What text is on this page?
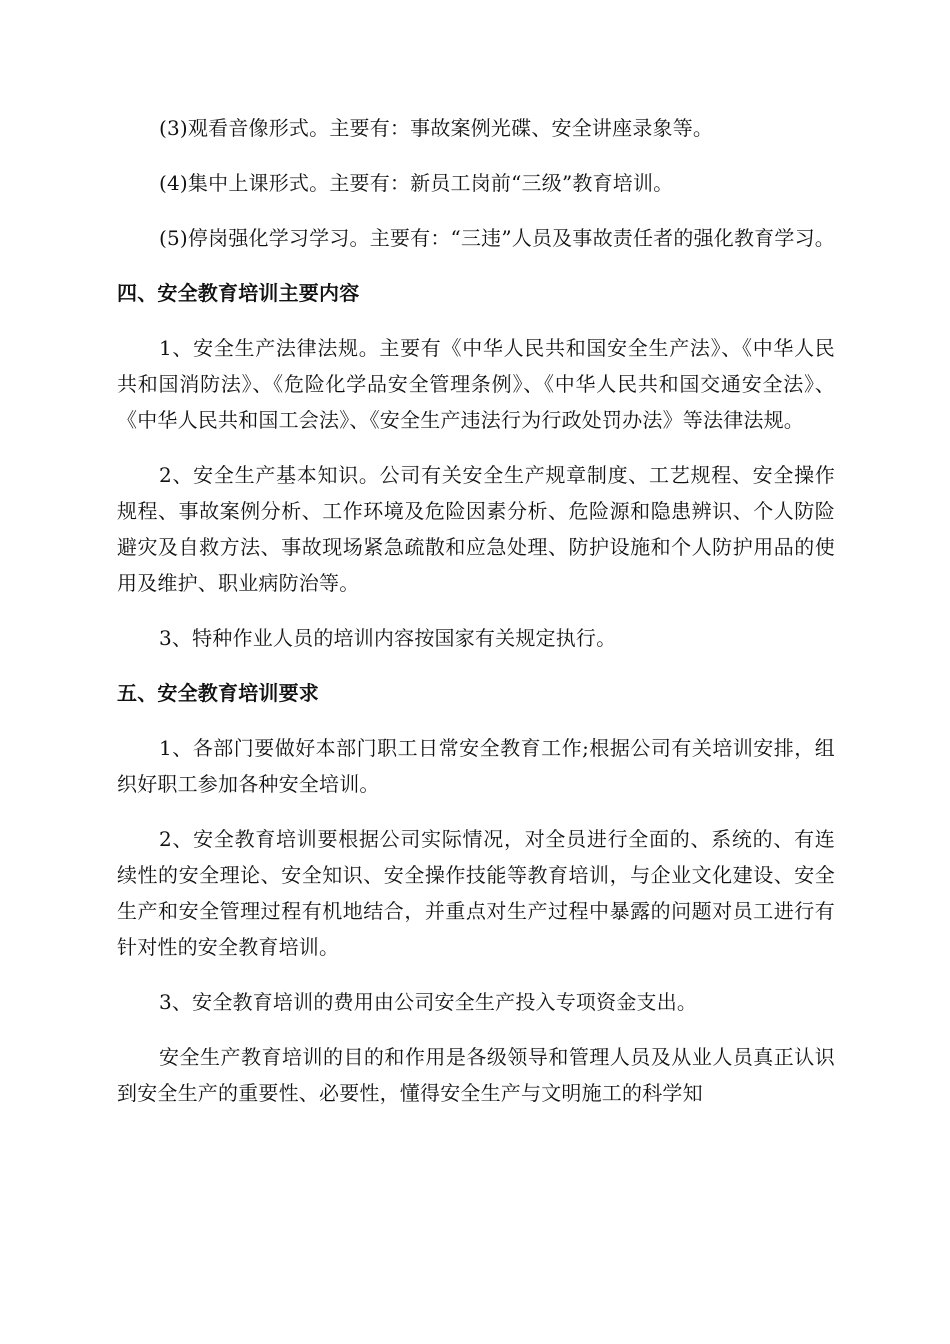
(3)观看音像形式。主要有：事故案例光碟、安全讲座录象等。

(4)集中上课形式。主要有：新员工岗前“三级”教育培训。

(5)停岗强化学习学习。主要有：“三违”人员及事故责任者的强化教育学习。

四、安全教育培训主要内容

1、安全生产法律法规。主要有《中华人民共和国安全生产法》、《中华人民共和国消防法》、《危险化学品安全管理条例》、《中华人民共和国交通安全法》、《中华人民共和国工会法》、《安全生产违法行为行政处罚办法》等法律法规。

2、安全生产基本知识。公司有关安全生产规章制度、工艺规程、安全操作规程、事故案例分析、工作环境及危险因素分析、危险源和隐患辨识、个人防险避灾及自救方法、事故现场紧急疏散和应急处理、防护设施和个人防护用品的使用及维护、职业病防治等。

3、特种作业人员的培训内容按国家有关规定执行。

五、安全教育培训要求

1、各部门要做好本部门职工日常安全教育工作;根据公司有关培训安排，组织好职工参加各种安全培训。

2、安全教育培训要根据公司实际情况，对全员进行全面的、系统的、有连续性的安全理论、安全知识、安全操作技能等教育培训，与企业文化建设、安全生产和安全管理过程有机地结合，并重点对生产过程中暴露的问题对员工进行有针对性的安全教育培训。

3、安全教育培训的费用由公司安全生产投入专项资金支出。

安全生产教育培训的目的和作用是各级领导和管理人员及从业人员真正认识到安全生产的重要性、必要性，懂得安全生产与文明施工的科学知
